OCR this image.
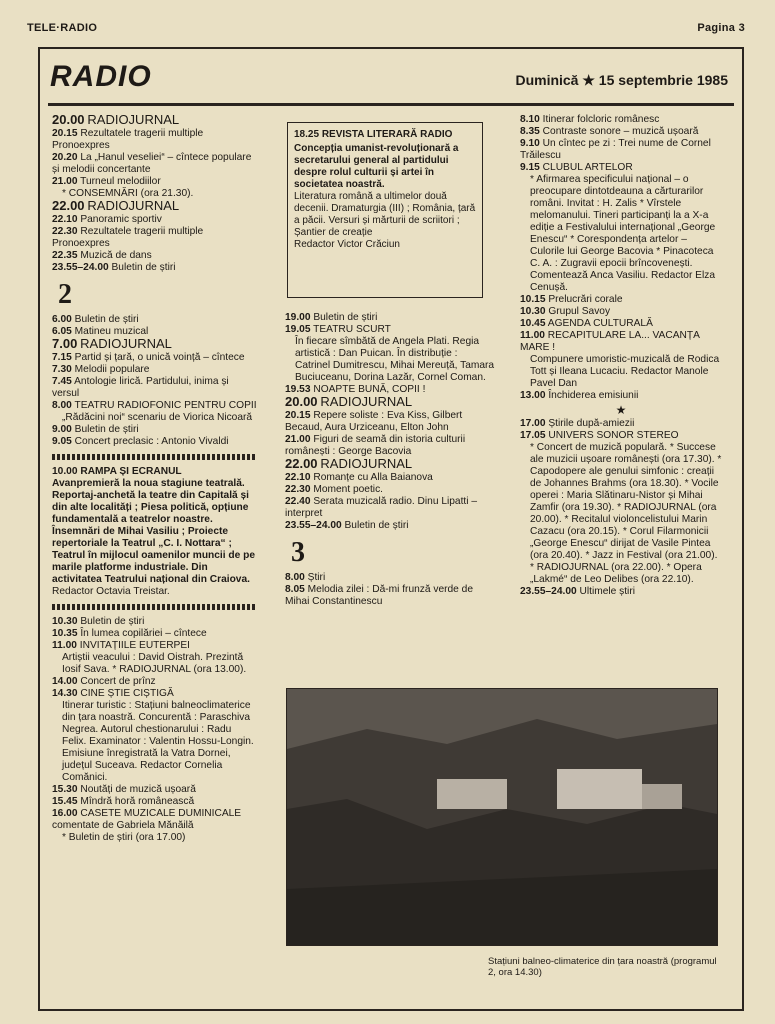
TELE·RADIO	Pagina 3
RADIO	Duminică ★ 15 septembrie 1985
20.00 RADIOJURNAL
20.15 Rezultatele tragerii multiple Pronoexpres
20.20 La „Hanul veseliei“ – cîntece populare și melodii concertante
21.00 Turneul melodiilor
* CONSEMNĂRI (ora 21.30).
22.00 RADIOJURNAL
22.10 Panoramic sportiv
22.30 Rezultatele tragerii multiple Pronoexpres
22.35 Muzică de dans
23.55–24.00 Buletin de știri
2
6.00 Buletin de știri
6.05 Matineu muzical
7.00 RADIOJURNAL
7.15 Partid și țară, o unică voință – cîntece
7.30 Melodii populare
7.45 Antologie lirică. Partidului, inima și versul
8.00 TEATRU RADIOFONIC PENTRU COPII
„Rădăcini noi“ scenariu de Viorica Nicoară
9.00 Buletin de știri
9.05 Concert preclasic : Antonio Vivaldi
10.00 RAMPA ȘI ECRANUL
Avanpremieră la noua stagiune teatrală. Reportaj-anchetă la teatre din Capitală și din alte localități ; Piesa politică, opțiune fundamentală a teatrelor noastre. Însemnări de Mihai Vasiliu ; Proiecte repertoriale la Teatrul „C. I. Nottara“ ; Teatrul în mijlocul oamenilor muncii de pe marile platforme industriale. Din activitatea Teatrului național din Craiova.
Redactor Octavia Treistar.
10.30 Buletin de știri
10.35 În lumea copilăriei – cîntece
11.00 INVITAȚIILE EUTERPEI
Artiștii veacului : David Oistrah. Prezintă Iosif Sava. * RADIOJURNAL (ora 13.00).
14.00 Concert de prînz
14.30 CINE ȘTIE CIȘTIGĂ
Itinerar turistic : Stațiuni balneoclimaterice din țara noastră. Concurentă : Paraschiva Negrea. Autorul chestionarului : Radu Felix. Examinator : Valentin Hossu-Longin. Emisiune înregistrată la Vatra Dornei, județul Suceava. Redactor Cornelia Comănici.
15.30 Noutăți de muzică ușoară
15.45 Mîndră horă românească
16.00 CASETE MUZICALE DUMINICALE comentate de Gabriela Mănăilă
* Buletin de știri (ora 17.00)
18.25 REVISTA LITERARĂ RADIO
Concepția umanist-revoluționară a secretarului general al partidului despre rolul culturii și artei în societatea noastră.
Literatura română a ultimelor două decenii. Dramaturgia (III) ; România, țară a păcii. Versuri și mărturii de scriitori ; Șantier de creație
Redactor Victor Crăciun
19.00 Buletin de știri
19.05 TEATRU SCURT
În fiecare sîmbătă de Angela Plati. Regia artistică : Dan Puican. În distribuție : Catrinel Dumitrescu, Mihai Mereuță, Tamara Buciuceanu, Dorina Lazăr, Cornel Coman.
19.53 NOAPTE BUNĂ, COPII !
20.00 RADIOJURNAL
20.15 Repere soliste : Eva Kiss, Gilbert Becaud, Aura Urziceanu, Elton John
21.00 Figuri de seamă din istoria culturii românești : George Bacovia
22.00 RADIOJURNAL
22.10 Romanțe cu Alla Baianova
22.30 Moment poetic.
22.40 Serata muzicală radio. Dinu Lipatti – interpret
23.55–24.00 Buletin de știri
3
8.00 Știri
8.05 Melodia zilei : Dă-mi frunză verde de Mihai Constantinescu
8.10 Itinerar folcloric românesc
8.35 Contraste sonore – muzică ușoară
9.10 Un cîntec pe zi : Trei nume de Cornel Trăilescu
9.15 CLUBUL ARTELOR
* Afirmarea specificului național – o preocupare dintotdeauna a cărturarilor români. Invitat : H. Zalis * Vîrstele melomanului. Tineri participanți la a X-a ediție a Festivalului internațional „George Enescu“ * Corespondența artelor – Culorile lui George Bacovia * Pinacoteca C. A. : Zugravii epocii brîncovenești. Comentează Anca Vasiliu. Redactor Elza Cenușă.
10.15 Prelucrări corale
10.30 Grupul Savoy
10.45 AGENDA CULTURALĂ
11.00 RECAPITULARE LA... VACANȚA MARE !
Compunere umoristic-muzicală de Rodica Tott și Ileana Lucaciu. Redactor Manole Pavel Dan
13.00 Închiderea emisiunii
★
17.00 Știrile după-amiezii
17.05 UNIVERS SONOR STEREO
* Concert de muzică populară. * Succese ale muzicii ușoare românești (ora 17.30). * Capodopere ale genului simfonic : creații de Johannes Brahms (ora 18.30). * Vocile operei : Maria Slătinaru-Nistor și Mihai Zamfir (ora 19.30). * RADIOJURNAL (ora 20.00). * Recitalul violoncelistului Marin Cazacu (ora 20.15). * Corul Filarmonicii „George Enescu“ dirijat de Vasile Pintea (ora 20.40). * Jazz in Festival (ora 21.00). * RADIOJURNAL (ora 22.00). * Opera „Lakmé“ de Leo Delibes (ora 22.10).
23.55–24.00 Ultimele știri
Stațiuni balneo-climaterice din țara noastră (programul 2, ora 14.30)
